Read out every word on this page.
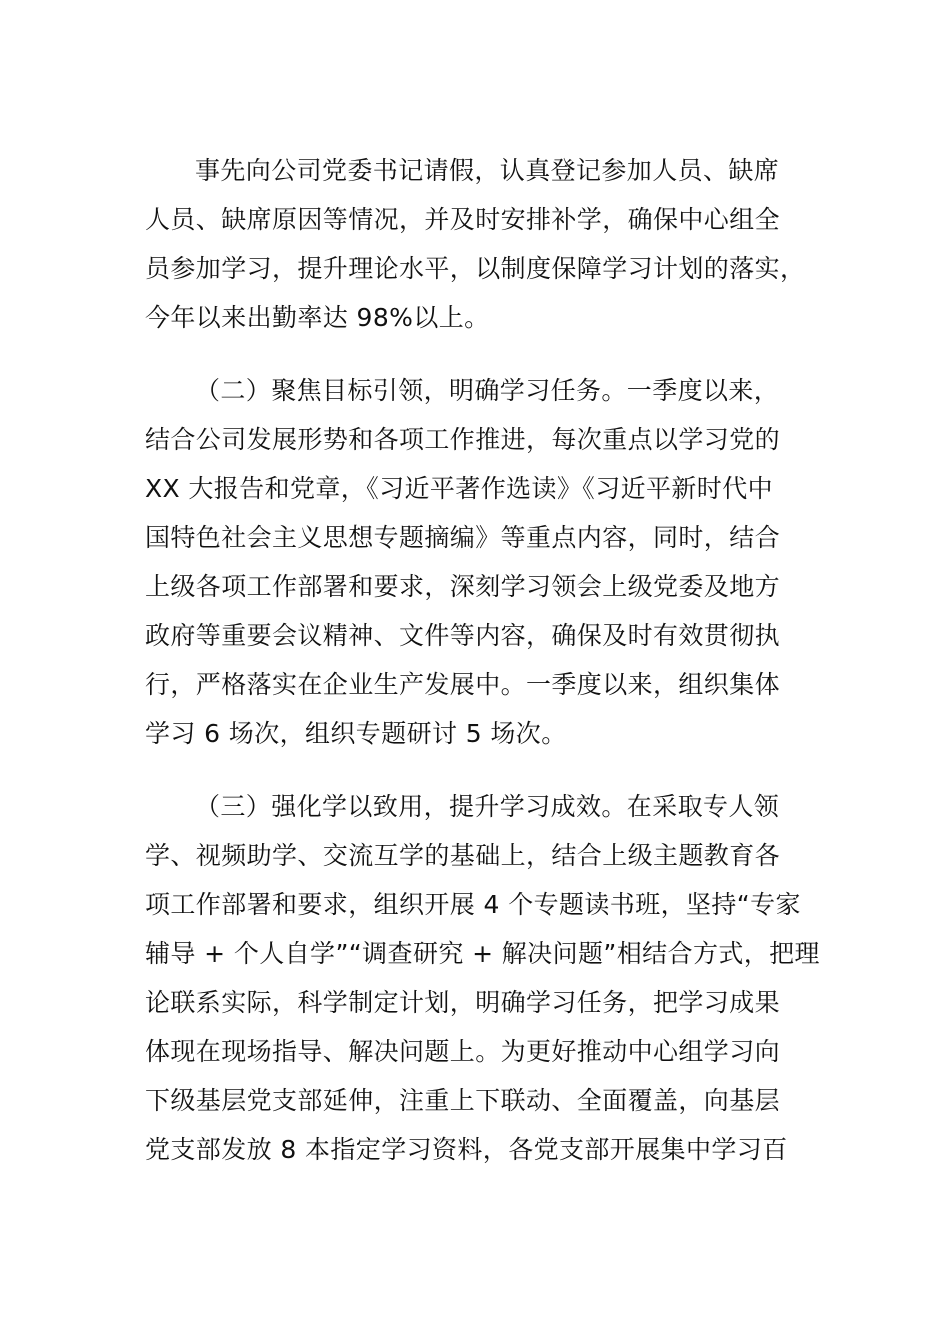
事先向公司党委书记请假，认真登记参加人员、缺席
人员、缺席原因等情况，并及时安排补学，确保中心组全
员参加学习，提升理论水平，以制度保障学习计划的落实，
今年以来出勤率达 98%以上。
（二）聚焦目标引领，明确学习任务。一季度以来，
结合公司发展形势和各项工作推进，每次重点以学习党的
XX 大报告和党章，《习近平著作选读》《习近平新时代中
国特色社会主义思想专题摘编》等重点内容，同时，结合
上级各项工作部署和要求，深刻学习领会上级党委及地方
政府等重要会议精神、文件等内容，确保及时有效贯彻执
行，严格落实在企业生产发展中。一季度以来，组织集体
学习 6 场次，组织专题研讨 5 场次。
（三）强化学以致用，提升学习成效。在采取专人领
学、视频助学、交流互学的基础上，结合上级主题教育各
项工作部署和要求，组织开展 4 个专题读书班，坚持“专家
辅导 + 个人自学”“调查研究 + 解决问题”相结合方式，把理
论联系实际，科学制定计划，明确学习任务，把学习成果
体现在现场指导、解决问题上。为更好推动中心组学习向
下级基层党支部延伸，注重上下联动、全面覆盖，向基层
党支部发放 8 本指定学习资料，各党支部开展集中学习百
